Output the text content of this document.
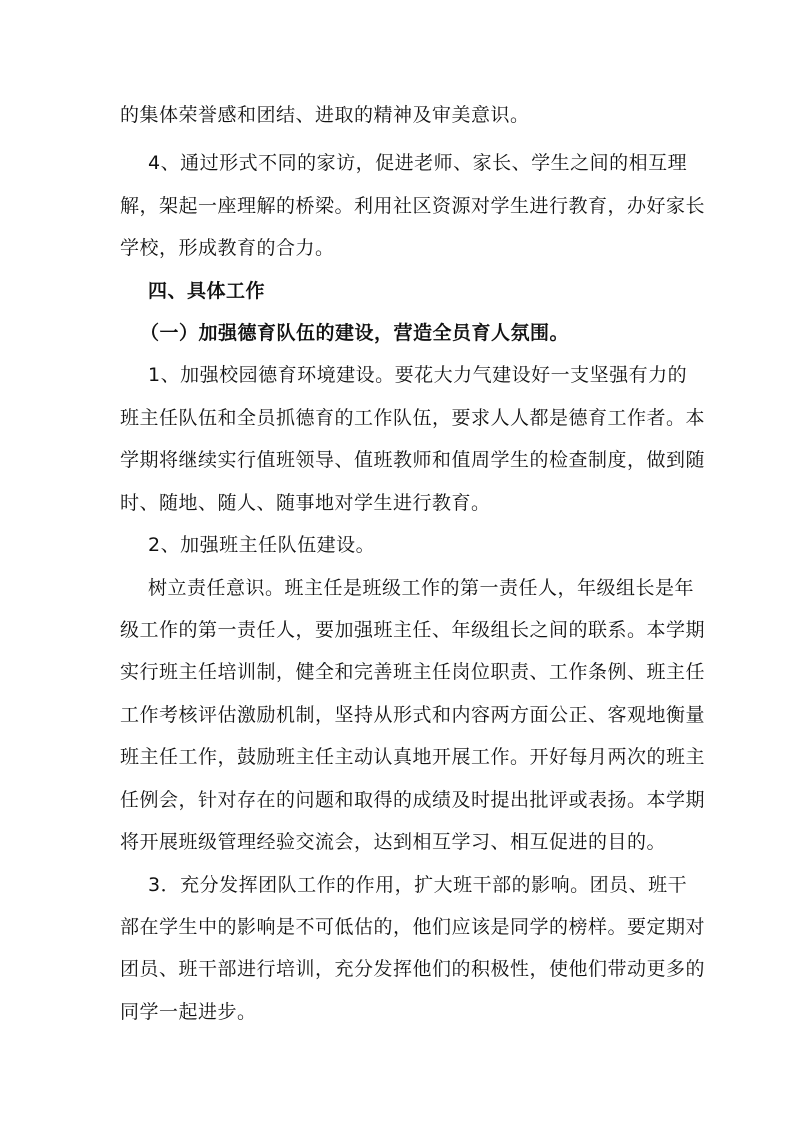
的集体荣誉感和团结、进取的精神及审美意识。
4、通过形式不同的家访，促进老师、家长、学生之间的相互理
解，架起一座理解的桥梁。利用社区资源对学生进行教育，办好家长
学校，形成教育的合力。
四、具体工作
（一）加强德育队伍的建设，营造全员育人氛围。
1、加强校园德育环境建设。要花大力气建设好一支坚强有力的
班主任队伍和全员抓德育的工作队伍，要求人人都是德育工作者。本
学期将继续实行值班领导、值班教师和值周学生的检查制度，做到随
时、随地、随人、随事地对学生进行教育。
2、加强班主任队伍建设。
树立责任意识。班主任是班级工作的第一责任人，年级组长是年
级工作的第一责任人，要加强班主任、年级组长之间的联系。本学期
实行班主任培训制，健全和完善班主任岗位职责、工作条例、班主任
工作考核评估激励机制，坚持从形式和内容两方面公正、客观地衡量
班主任工作，鼓励班主任主动认真地开展工作。开好每月两次的班主
任例会，针对存在的问题和取得的成绩及时提出批评或表扬。本学期
将开展班级管理经验交流会，达到相互学习、相互促进的目的。
3．充分发挥团队工作的作用，扩大班干部的影响。团员、班干
部在学生中的影响是不可低估的，他们应该是同学的榜样。要定期对
团员、班干部进行培训，充分发挥他们的积极性，使他们带动更多的
同学一起进步。
